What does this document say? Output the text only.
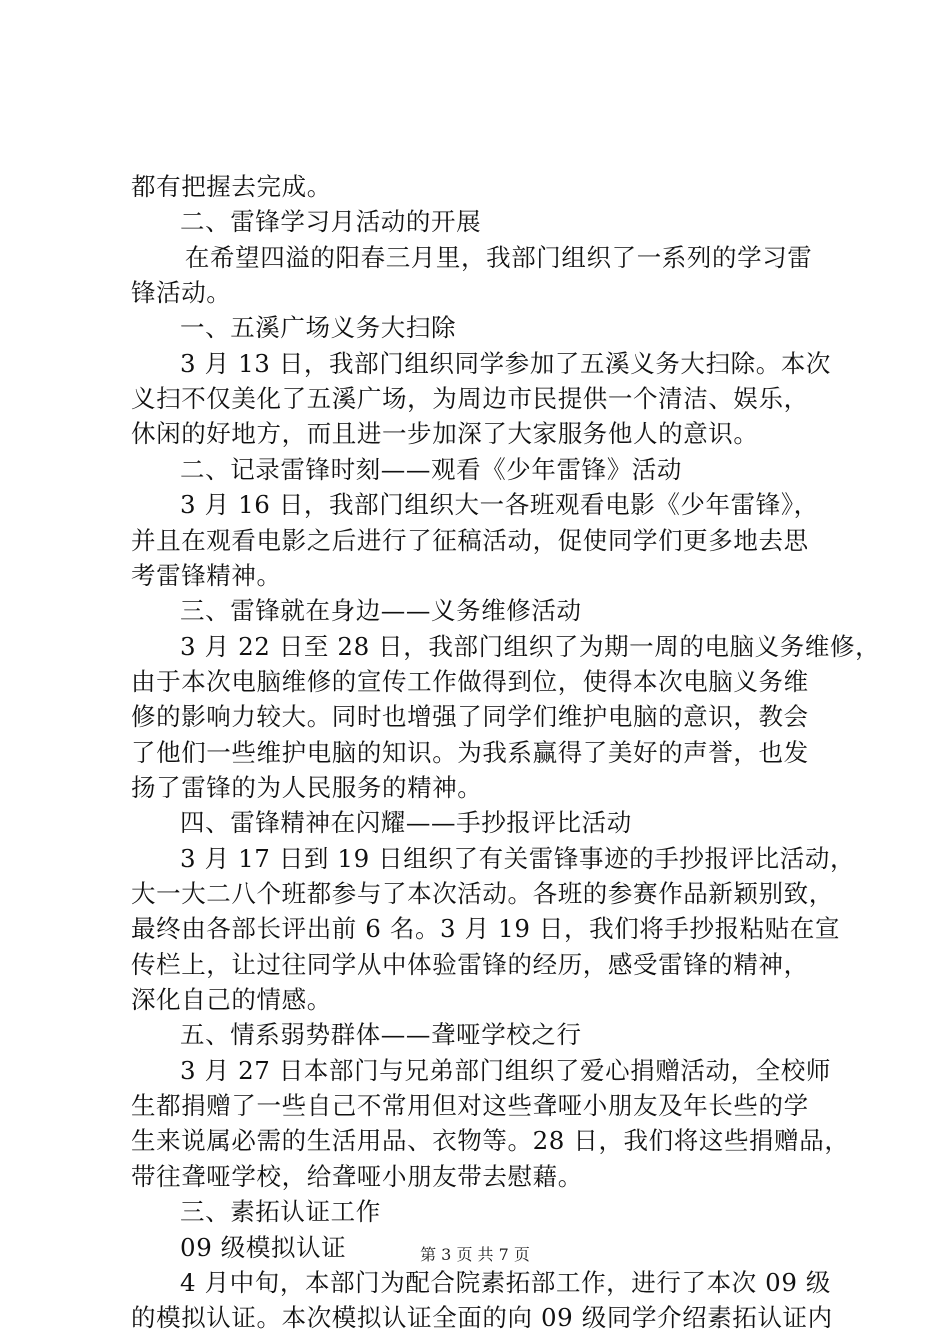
都有把握去完成。
二、雷锋学习月活动的开展
在希望四溢的阳春三月里，我部门组织了一系列的学习雷
锋活动。
一、五溪广场义务大扫除
3 月 13 日，我部门组织同学参加了五溪义务大扫除。本次
义扫不仅美化了五溪广场，为周边市民提供一个清洁、娱乐，
休闲的好地方，而且进一步加深了大家服务他人的意识。
二、记录雷锋时刻——观看《少年雷锋》活动
3 月 16 日，我部门组织大一各班观看电影《少年雷锋》，
并且在观看电影之后进行了征稿活动，促使同学们更多地去思
考雷锋精神。
三、雷锋就在身边——义务维修活动
3 月 22 日至 28 日，我部门组织了为期一周的电脑义务维修，
由于本次电脑维修的宣传工作做得到位，使得本次电脑义务维
修的影响力较大。同时也增强了同学们维护电脑的意识，教会
了他们一些维护电脑的知识。为我系赢得了美好的声誉，也发
扬了雷锋的为人民服务的精神。
四、雷锋精神在闪耀——手抄报评比活动
3 月 17 日到 19 日组织了有关雷锋事迹的手抄报评比活动，
大一大二八个班都参与了本次活动。各班的参赛作品新颖别致，
最终由各部长评出前 6 名。3 月 19 日，我们将手抄报粘贴在宣
传栏上，让过往同学从中体验雷锋的经历，感受雷锋的精神，
深化自己的情感。
五、情系弱势群体——聋哑学校之行
3 月 27 日本部门与兄弟部门组织了爱心捐赠活动，全校师
生都捐赠了一些自己不常用但对这些聋哑小朋友及年长些的学
生来说属必需的生活用品、衣物等。28 日，我们将这些捐赠品，
带往聋哑学校，给聋哑小朋友带去慰藉。
三、素拓认证工作
09 级模拟认证
4 月中旬，本部门为配合院素拓部工作，进行了本次 09 级
的模拟认证。本次模拟认证全面的向 09 级同学介绍素拓认证内
第 3 页 共 7 页
